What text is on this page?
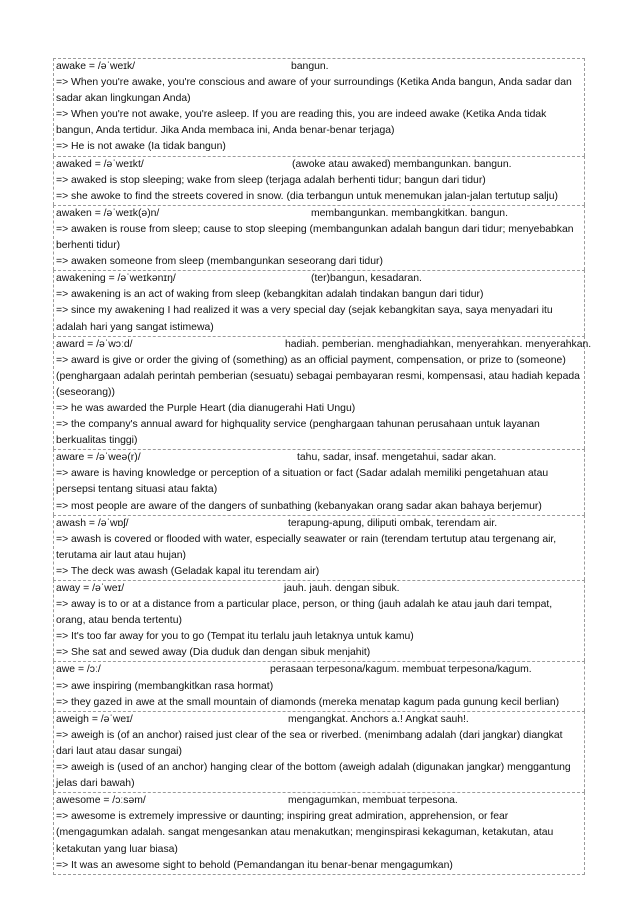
awake = /əˈweɪk/	bangun.
=> When you're awake, you're conscious and aware of your surroundings (Ketika Anda bangun, Anda sadar dan sadar akan lingkungan Anda)
=> When you're not awake, you're asleep. If you are reading this, you are indeed awake (Ketika Anda tidak bangun, Anda tertidur. Jika Anda membaca ini, Anda benar-benar terjaga)
=> He is not awake (Ia tidak bangun)
awaked = /əˈweɪkt/	(awoke atau awaked) membangunkan. bangun.
=> awaked is stop sleeping; wake from sleep (terjaga adalah berhenti tidur; bangun dari tidur)
=> she awoke to find the streets covered in snow. (dia terbangun untuk menemukan jalan-jalan tertutup salju)
awaken = /əˈweɪk(ə)n/	membangunkan. membangkitkan. bangun.
=> awaken is rouse from sleep; cause to stop sleeping (membangunkan adalah bangun dari tidur; menyebabkan berhenti tidur)
=> awaken someone from sleep (membangunkan seseorang dari tidur)
awakening = /əˈweɪkənɪŋ/	(ter)bangun, kesadaran.
=> awakening is an act of waking from sleep (kebangkitan adalah tindakan bangun dari tidur)
=> since my awakening I had realized it was a very special day (sejak kebangkitan saya, saya menyadari itu adalah hari yang sangat istimewa)
award = /əˈwɔːd/	hadiah. pemberian. menghadiahkan, menyerahkan. menyerahkan.
=> award is give or order the giving of (something) as an official payment, compensation, or prize to (someone) (penghargaan adalah perintah pemberian (sesuatu) sebagai pembayaran resmi, kompensasi, atau hadiah kepada (seseorang))
=> he was awarded the Purple Heart (dia dianugerahi Hati Ungu)
=> the company's annual award for highquality service (penghargaan tahunan perusahaan untuk layanan berkualitas tinggi)
aware = /əˈweə(r)/	tahu, sadar, insaf. mengetahui, sadar akan.
=> aware is having knowledge or perception of a situation or fact (Sadar adalah memiliki pengetahuan atau persepsi tentang situasi atau fakta)
=> most people are aware of the dangers of sunbathing (kebanyakan orang sadar akan bahaya berjemur)
awash = /əˈwɒʃ/	terapung-apung, diliputi ombak, terendam air.
=> awash is covered or flooded with water, especially seawater or rain (terendam tertutup atau tergenang air, terutama air laut atau hujan)
=> The deck was awash (Geladak kapal itu terendam air)
away = /əˈweɪ/	jauh. jauh. dengan sibuk.
=> away is to or at a distance from a particular place, person, or thing (jauh adalah ke atau jauh dari tempat, orang, atau benda tertentu)
=> It's too far away for you to go (Tempat itu terlalu jauh letaknya untuk kamu)
=> She sat and sewed away (Dia duduk dan dengan sibuk menjahit)
awe = /ɔː/	perasaan terpesona/kagum. membuat terpesona/kagum.
=> awe inspiring (membangkitkan rasa hormat)
=> they gazed in awe at the small mountain of diamonds (mereka menatap kagum pada gunung kecil berlian)
aweigh = /əˈweɪ/	mengangkat. Anchors a.! Angkat sauh!.
=> aweigh is (of an anchor) raised just clear of the sea or riverbed. (menimbang adalah (dari jangkar) diangkat dari laut atau dasar sungai)
=> aweigh is (used of an anchor) hanging clear of the bottom (aweigh adalah (digunakan jangkar) menggantung jelas dari bawah)
awesome = /ɔːsəm/	mengagumkan, membuat terpesona.
=> awesome is extremely impressive or daunting; inspiring great admiration, apprehension, or fear (mengagumkan adalah. sangat mengesankan atau menakutkan; menginspirasi kekaguman, ketakutan, atau ketakutan yang luar biasa)
=> It was an awesome sight to behold (Pemandangan itu benar-benar mengagumkan)
